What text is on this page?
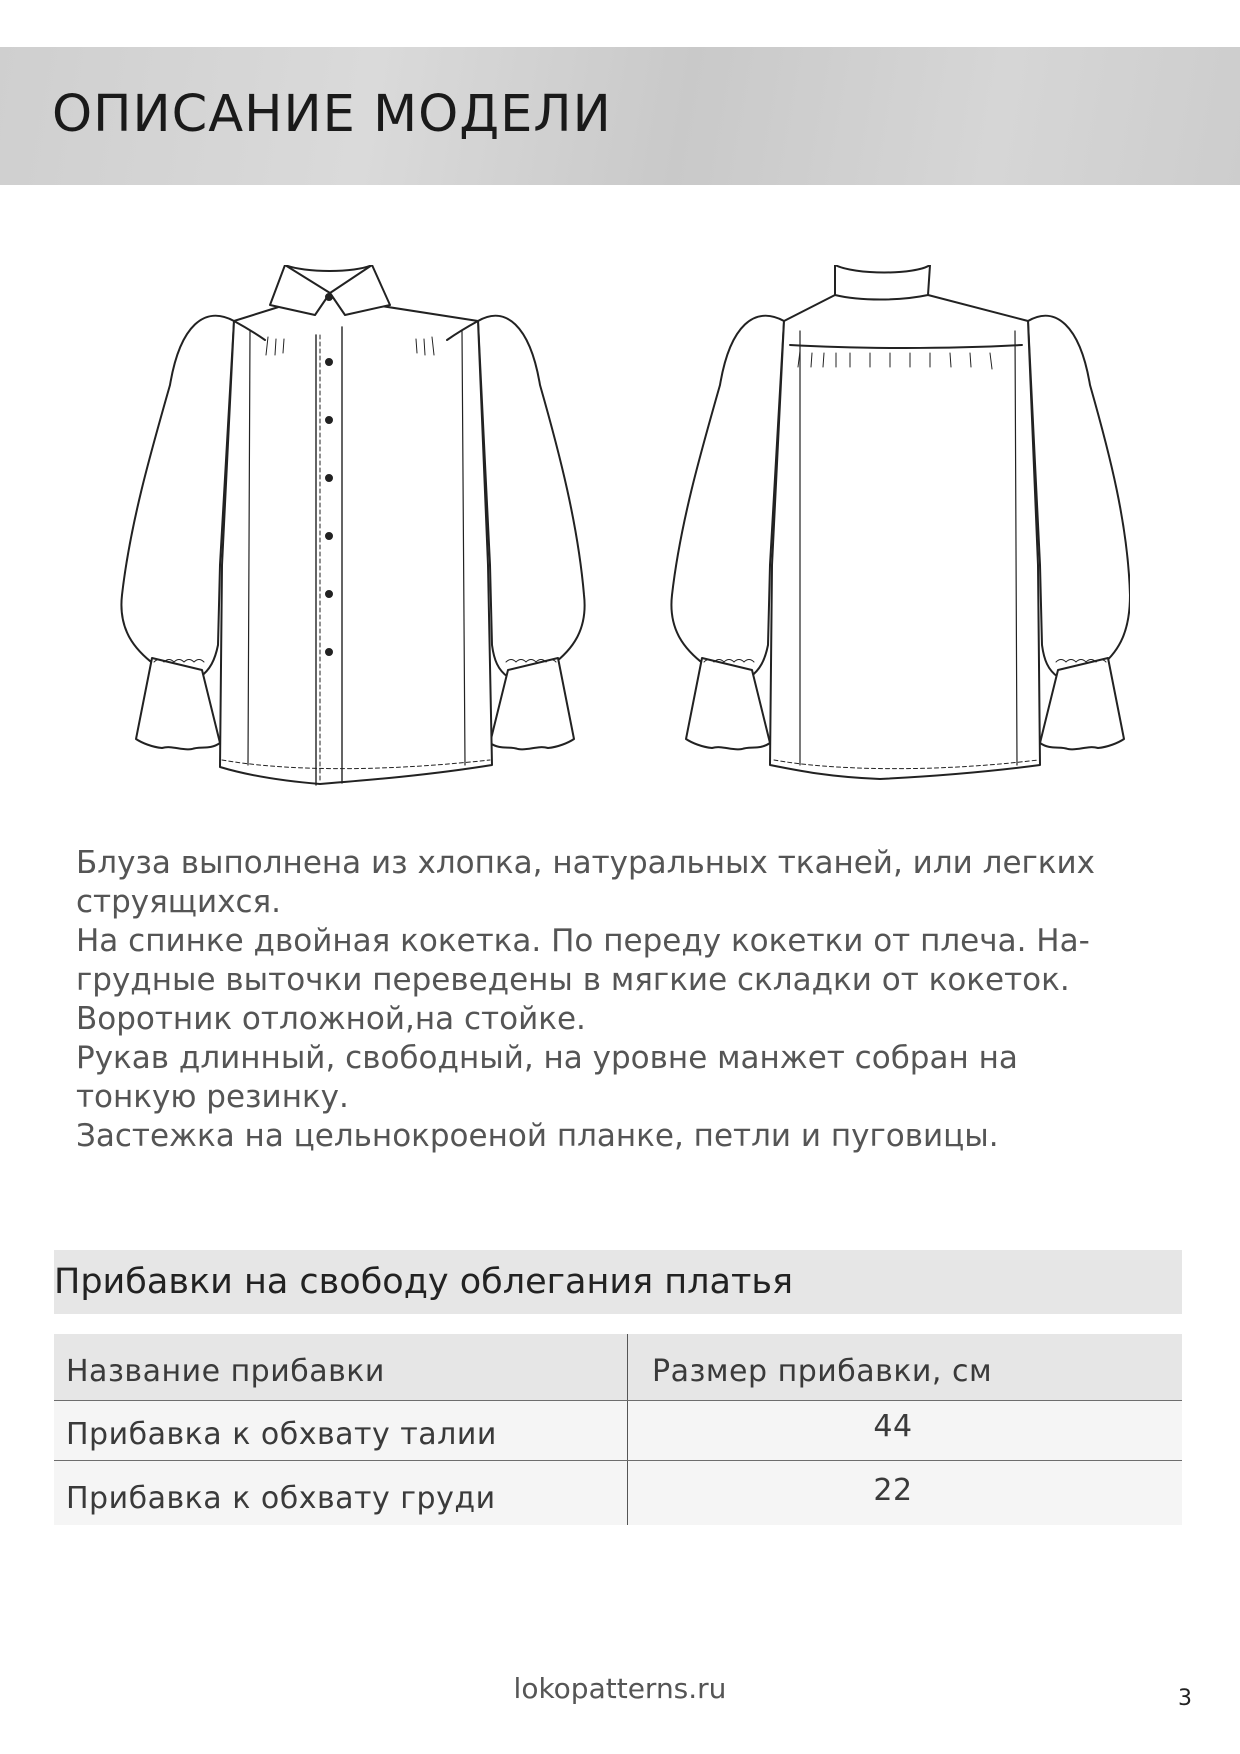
ОПИСАНИЕ МОДЕЛИ

Блуза выполнена из хлопка, натуральных тканей, или легких

струящихся.

На спинке двойная кокетка. По переду кокетки от плеча. На-

грудные выточки переведены в мягкие складки от кокеток.

Воротник отложной,на стойке.

Рукав длинный, свободный, на уровне манжет собран на

тонкую резинку.

Застежка на цельнокроеной планке, петли и пуговицы.

Прибавки на свободу облегания платья
Название прибавки	Размер прибавки, см
Прибавка к обхвату талии	44
Прибавка к обхвату груди	22
lokopatterns.ru	3
